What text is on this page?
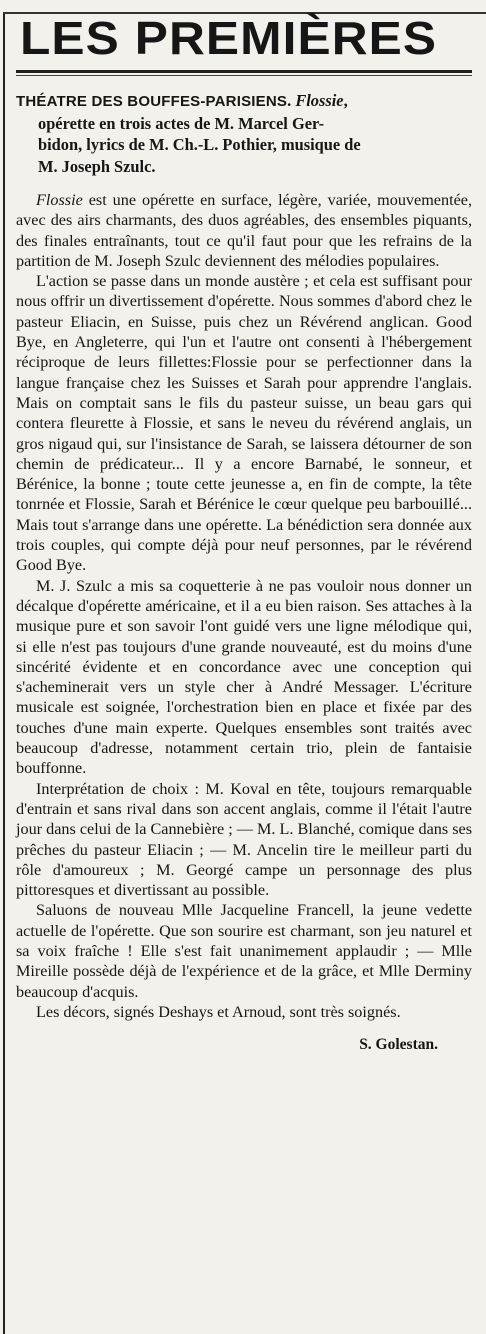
LES PREMIÈRES
THÉATRE DES BOUFFES-PARISIENS. Flossie,
opérette en trois actes de M. Marcel Ger-
bidon, lyrics de M. Ch.-L. Pothier, musique de
M. Joseph Szulc.

Flossie est une opérette en surface, légère, variée, mouvementée, avec des airs charmants, des duos agréables, des ensembles piquants, des finales entraînants, tout ce qu'il faut pour que les refrains de la partition de M. Joseph Szulc deviennent des mélodies populaires.

L'action se passe dans un monde austère ; et cela est suffisant pour nous offrir un divertissement d'opérette. Nous sommes d'abord chez le pasteur Eliacin, en Suisse, puis chez un Révérend anglican. Good Bye, en Angleterre, qui l'un et l'autre ont consenti à l'hébergement réciproque de leurs fillettes:Flossie pour se perfectionner dans la langue française chez les Suisses et Sarah pour apprendre l'anglais. Mais on comptait sans le fils du pasteur suisse, un beau gars qui contera fleurette à Flossie, et sans le neveu du révérend anglais, un gros nigaud qui, sur l'insistance de Sarah, se laissera détourner de son chemin de prédicateur... Il y a encore Barnabé, le sonneur, et Bérénice, la bonne ; toute cette jeunesse a, en fin de compte, la tête tonrnée et Flossie, Sarah et Bérénice le cœur quelque peu barbouillé... Mais tout s'arrange dans une opérette. La bénédiction sera donnée aux trois couples, qui compte déjà pour neuf personnes, par le révérend Good Bye.

M. J. Szulc a mis sa coquetterie à ne pas vouloir nous donner un décalque d'opérette américaine, et il a eu bien raison. Ses attaches à la musique pure et son savoir l'ont guidé vers une ligne mélodique qui, si elle n'est pas toujours d'une grande nouveauté, est du moins d'une sincérité évidente et en concordance avec une conception qui s'acheminerait vers un style cher à André Messager. L'écriture musicale est soignée, l'orchestration bien en place et fixée par des touches d'une main experte. Quelques ensembles sont traités avec beaucoup d'adresse, notamment certain trio, plein de fantaisie bouffonne.

Interprétation de choix : M. Koval en tête, toujours remarquable d'entrain et sans rival dans son accent anglais, comme il l'était l'autre jour dans celui de la Cannebière ; — M. L. Blanché, comique dans ses prêches du pasteur Eliacin ; — M. Ancelin tire le meilleur parti du rôle d'amoureux ; M. Georgé campe un personnage des plus pittoresques et divertissant au possible.

Saluons de nouveau Mlle Jacqueline Francell, la jeune vedette actuelle de l'opérette. Que son sourire est charmant, son jeu naturel et sa voix fraîche ! Elle s'est fait unanimement applaudir ; — Mlle Mireille possède déjà de l'expérience et de la grâce, et Mlle Derminy beaucoup d'acquis.

Les décors, signés Deshays et Arnoud, sont très soignés.

S. Golestan.
